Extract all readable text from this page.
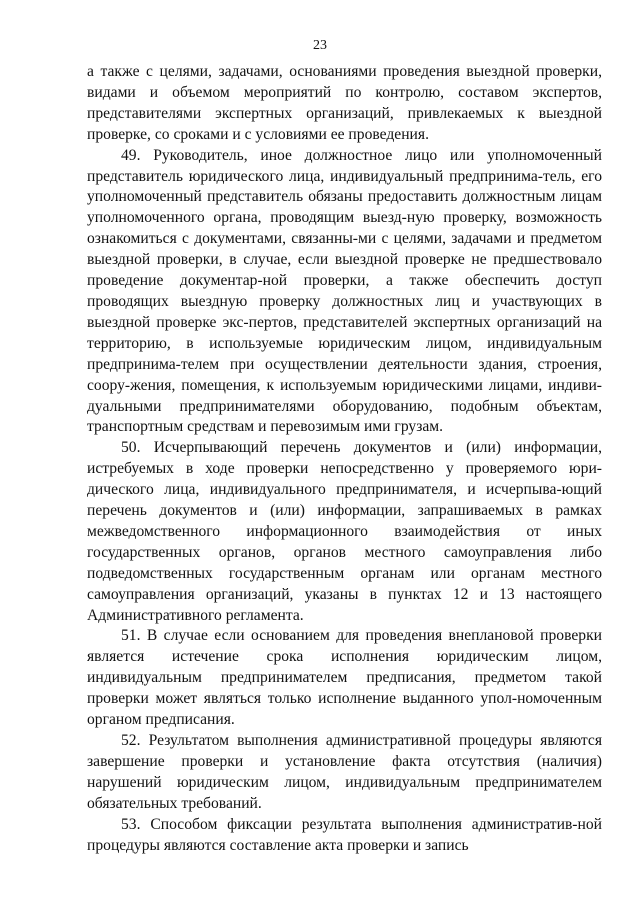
23

а также с целями, задачами, основаниями проведения выездной проверки, видами и объемом мероприятий по контролю, составом экспертов, представителями экспертных организаций, привлекаемых к выездной проверке, со сроками и с условиями ее проведения.

49. Руководитель, иное должностное лицо или уполномоченный представитель юридического лица, индивидуальный предпринима-тель, его уполномоченный представитель обязаны предоставить должностным лицам уполномоченного органа, проводящим выезд-ную проверку, возможность ознакомиться с документами, связанны-ми с целями, задачами и предметом выездной проверки, в случае, если выездной проверке не предшествовало проведение документар-ной проверки, а также обеспечить доступ проводящих выездную проверку должностных лиц и участвующих в выездной проверке экс-пертов, представителей экспертных организаций на территорию, в используемые юридическим лицом, индивидуальным предпринима-телем при осуществлении деятельности здания, строения, соору-жения, помещения, к используемым юридическими лицами, индиви-дуальными предпринимателями оборудованию, подобным объектам, транспортным средствам и перевозимым ими грузам.

50. Исчерпывающий перечень документов и (или) информации, истребуемых в ходе проверки непосредственно у проверяемого юри-дического лица, индивидуального предпринимателя, и исчерпыва-ющий перечень документов и (или) информации, запрашиваемых в рамках межведомственного информационного взаимодействия от иных государственных органов, органов местного самоуправления либо подведомственных государственным органам или органам местного самоуправления организаций, указаны в пунктах 12 и 13 настоящего Административного регламента.

51. В случае если основанием для проведения внеплановой проверки является истечение срока исполнения юридическим лицом, индивидуальным предпринимателем предписания, предметом такой проверки может являться только исполнение выданного упол-номоченным органом предписания.

52. Результатом выполнения административной процедуры являются завершение проверки и установление факта отсутствия (наличия) нарушений юридическим лицом, индивидуальным предпринимателем обязательных требований.

53. Способом фиксации результата выполнения административ-ной процедуры являются составление акта проверки и запись
